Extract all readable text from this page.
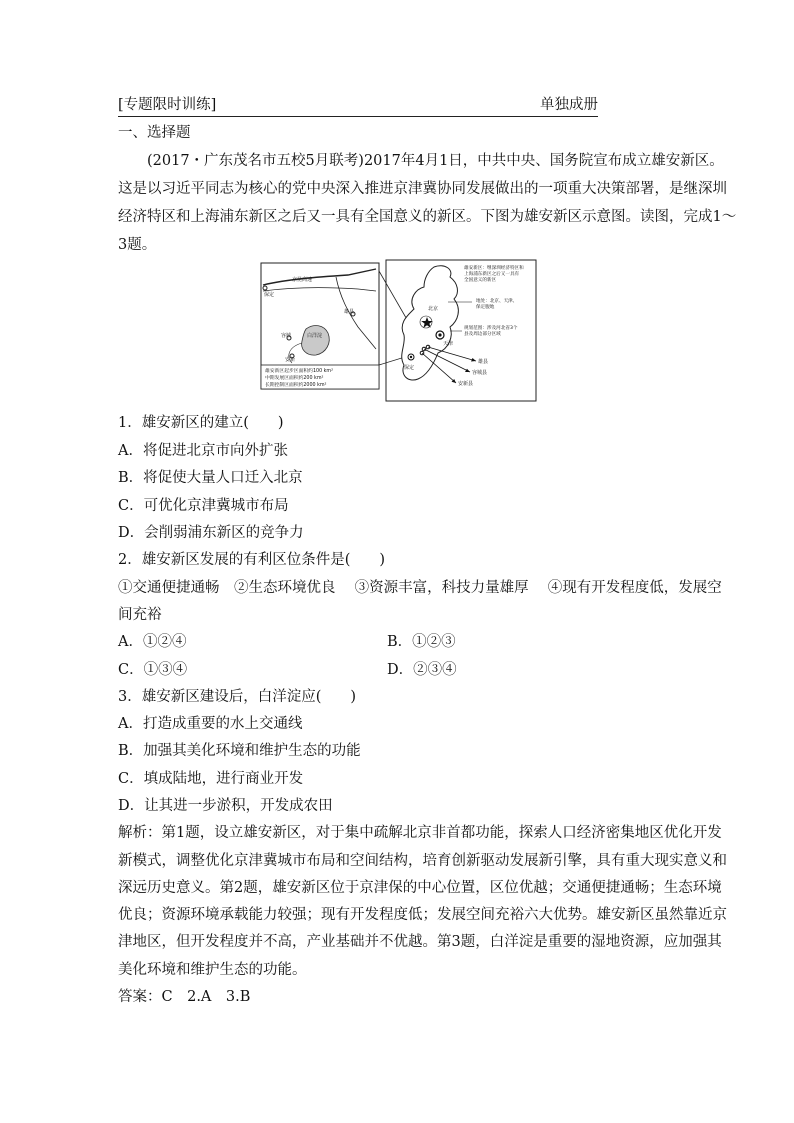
[专题限时训练]	单独成册
一、选择题
　　(2017・广东茂名市五校5月联考)2017年4月1日，中共中央、国务院宣布成立雄安新区。
这是以习近平同志为核心的党中央深入推进京津冀协同发展做出的一项重大决策部署，是继深圳
经济特区和上海浦东新区之后又一具有全国意义的新区。下图为雄安新区示意图。读图，完成1～
3题。
保定
京昆高速
雄县
白洋淀
容城
安新
雄安新区起步区面积约100 km²
中期发展区面积约200 km²
长期控制区面积约2000 km²
北京
天津
保定
雄县
容城县
安新县
雄安新区：继深圳经济特区和
上海浦东新区之后又一具有
全国意义的新区
地处：北京、天津、
保定腹地
规划范围：涉及河北省3个
县及周边部分区域
1．雄安新区的建立(　　)
A．将促进北京市向外扩张
B．将促使大量人口迁入北京
C．可优化京津冀城市布局
D．会削弱浦东新区的竞争力
2．雄安新区发展的有利区位条件是(　　)
①交通便捷通畅　②生态环境优良　 ③资源丰富，科技力量雄厚　 ④现有开发程度低，发展空
间充裕
A．①②④	B．①②③
C．①③④	D．②③④
3．雄安新区建设后，白洋淀应(　　)
A．打造成重要的水上交通线
B．加强其美化环境和维护生态的功能
C．填成陆地，进行商业开发
D．让其进一步淤积，开发成农田
解析：第1题，设立雄安新区，对于集中疏解北京非首都功能，探索人口经济密集地区优化开发
新模式，调整优化京津冀城市布局和空间结构，培育创新驱动发展新引擎，具有重大现实意义和
深远历史意义。第2题，雄安新区位于京津保的中心位置，区位优越；交通便捷通畅；生态环境
优良；资源环境承载能力较强；现有开发程度低；发展空间充裕六大优势。雄安新区虽然靠近京
津地区，但开发程度并不高，产业基础并不优越。第3题，白洋淀是重要的湿地资源，应加强其
美化环境和维护生态的功能。
答案：C　2.A　3.B
